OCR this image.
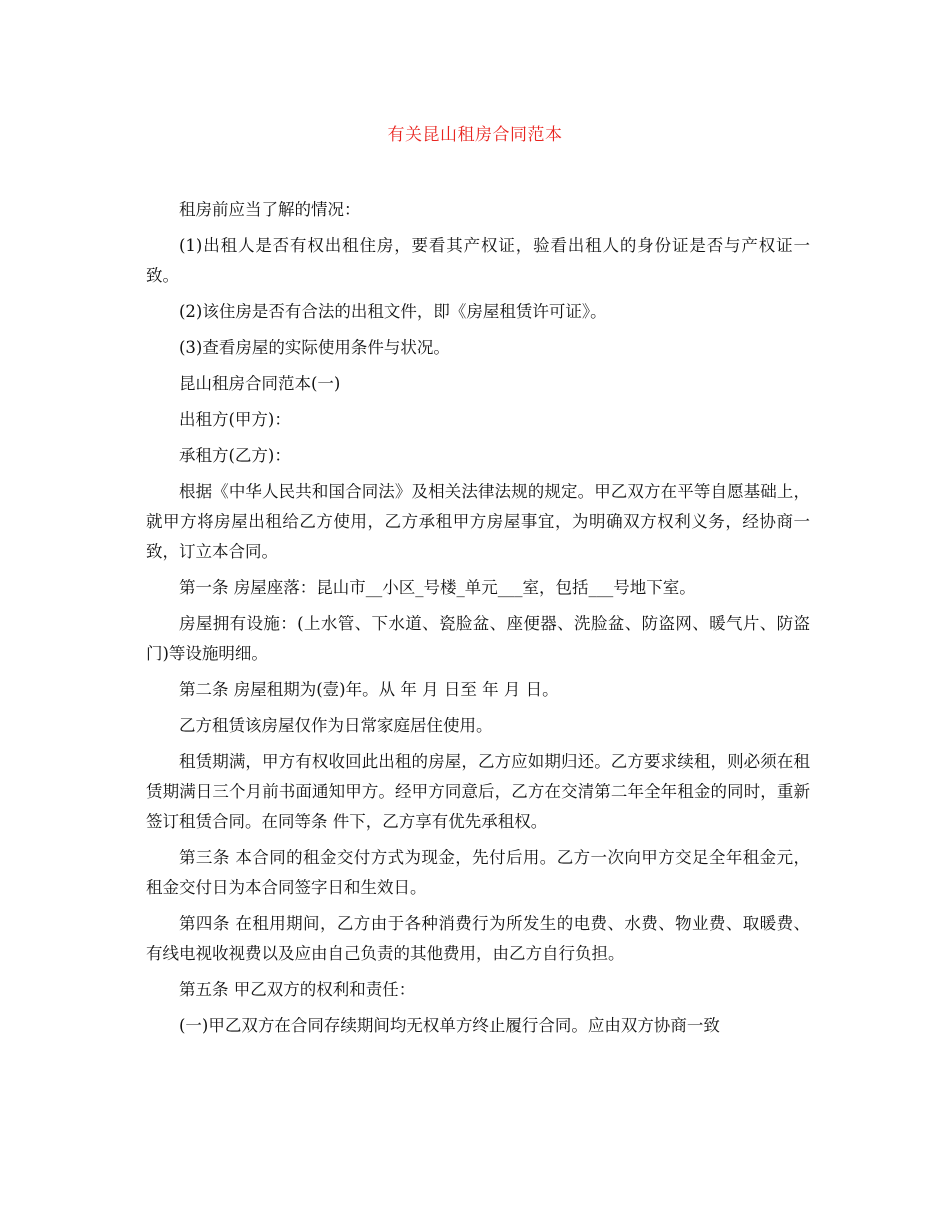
有关昆山租房合同范本

租房前应当了解的情况：

(1)出租人是否有权出租住房，要看其产权证，验看出租人的身份证是否与产权证一致。

(2)该住房是否有合法的出租文件，即《房屋租赁许可证》。

(3)查看房屋的实际使用条件与状况。

昆山租房合同范本(一)

出租方(甲方)：

承租方(乙方)：

根据《中华人民共和国合同法》及相关法律法规的规定。甲乙双方在平等自愿基础上，就甲方将房屋出租给乙方使用，乙方承租甲方房屋事宜，为明确双方权利义务，经协商一致，订立本合同。

第一条 房屋座落：昆山市__小区_号楼_单元___室，包括___号地下室。

房屋拥有设施：(上水管、下水道、瓷脸盆、座便器、洗脸盆、防盗网、暖气片、防盗门)等设施明细。

第二条 房屋租期为(壹)年。从 年 月 日至 年 月 日。

乙方租赁该房屋仅作为日常家庭居住使用。

租赁期满，甲方有权收回此出租的房屋，乙方应如期归还。乙方要求续租，则必须在租赁期满日三个月前书面通知甲方。经甲方同意后，乙方在交清第二年全年租金的同时，重新签订租赁合同。在同等条 件下，乙方享有优先承租权。

第三条 本合同的租金交付方式为现金，先付后用。乙方一次向甲方交足全年租金元，租金交付日为本合同签字日和生效日。

第四条 在租用期间，乙方由于各种消费行为所发生的电费、水费、物业费、取暖费、有线电视收视费以及应由自己负责的其他费用，由乙方自行负担。

第五条 甲乙双方的权利和责任：

(一)甲乙双方在合同存续期间均无权单方终止履行合同。应由双方协商一致
